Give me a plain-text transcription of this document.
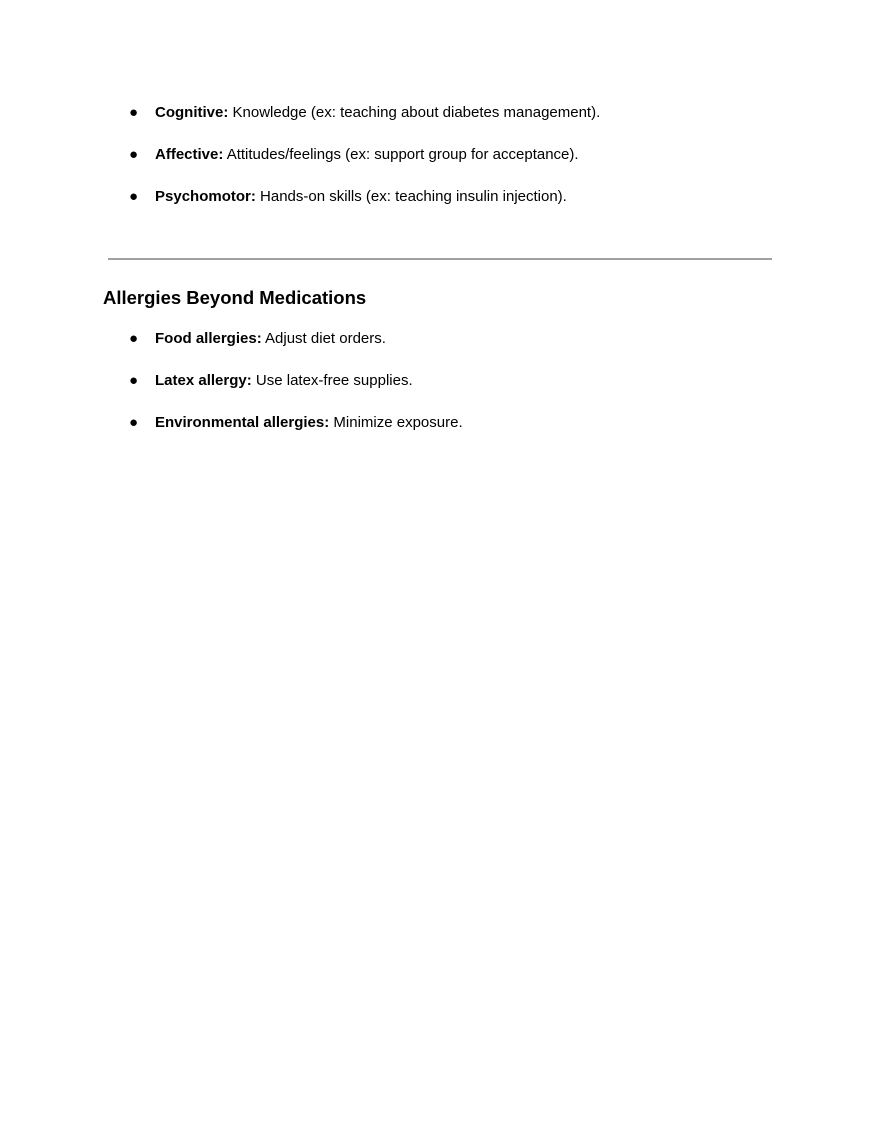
● Cognitive: Knowledge (ex: teaching about diabetes management).
● Affective: Attitudes/feelings (ex: support group for acceptance).
● Psychomotor: Hands-on skills (ex: teaching insulin injection).
Allergies Beyond Medications
● Food allergies: Adjust diet orders.
● Latex allergy: Use latex-free supplies.
● Environmental allergies: Minimize exposure.
